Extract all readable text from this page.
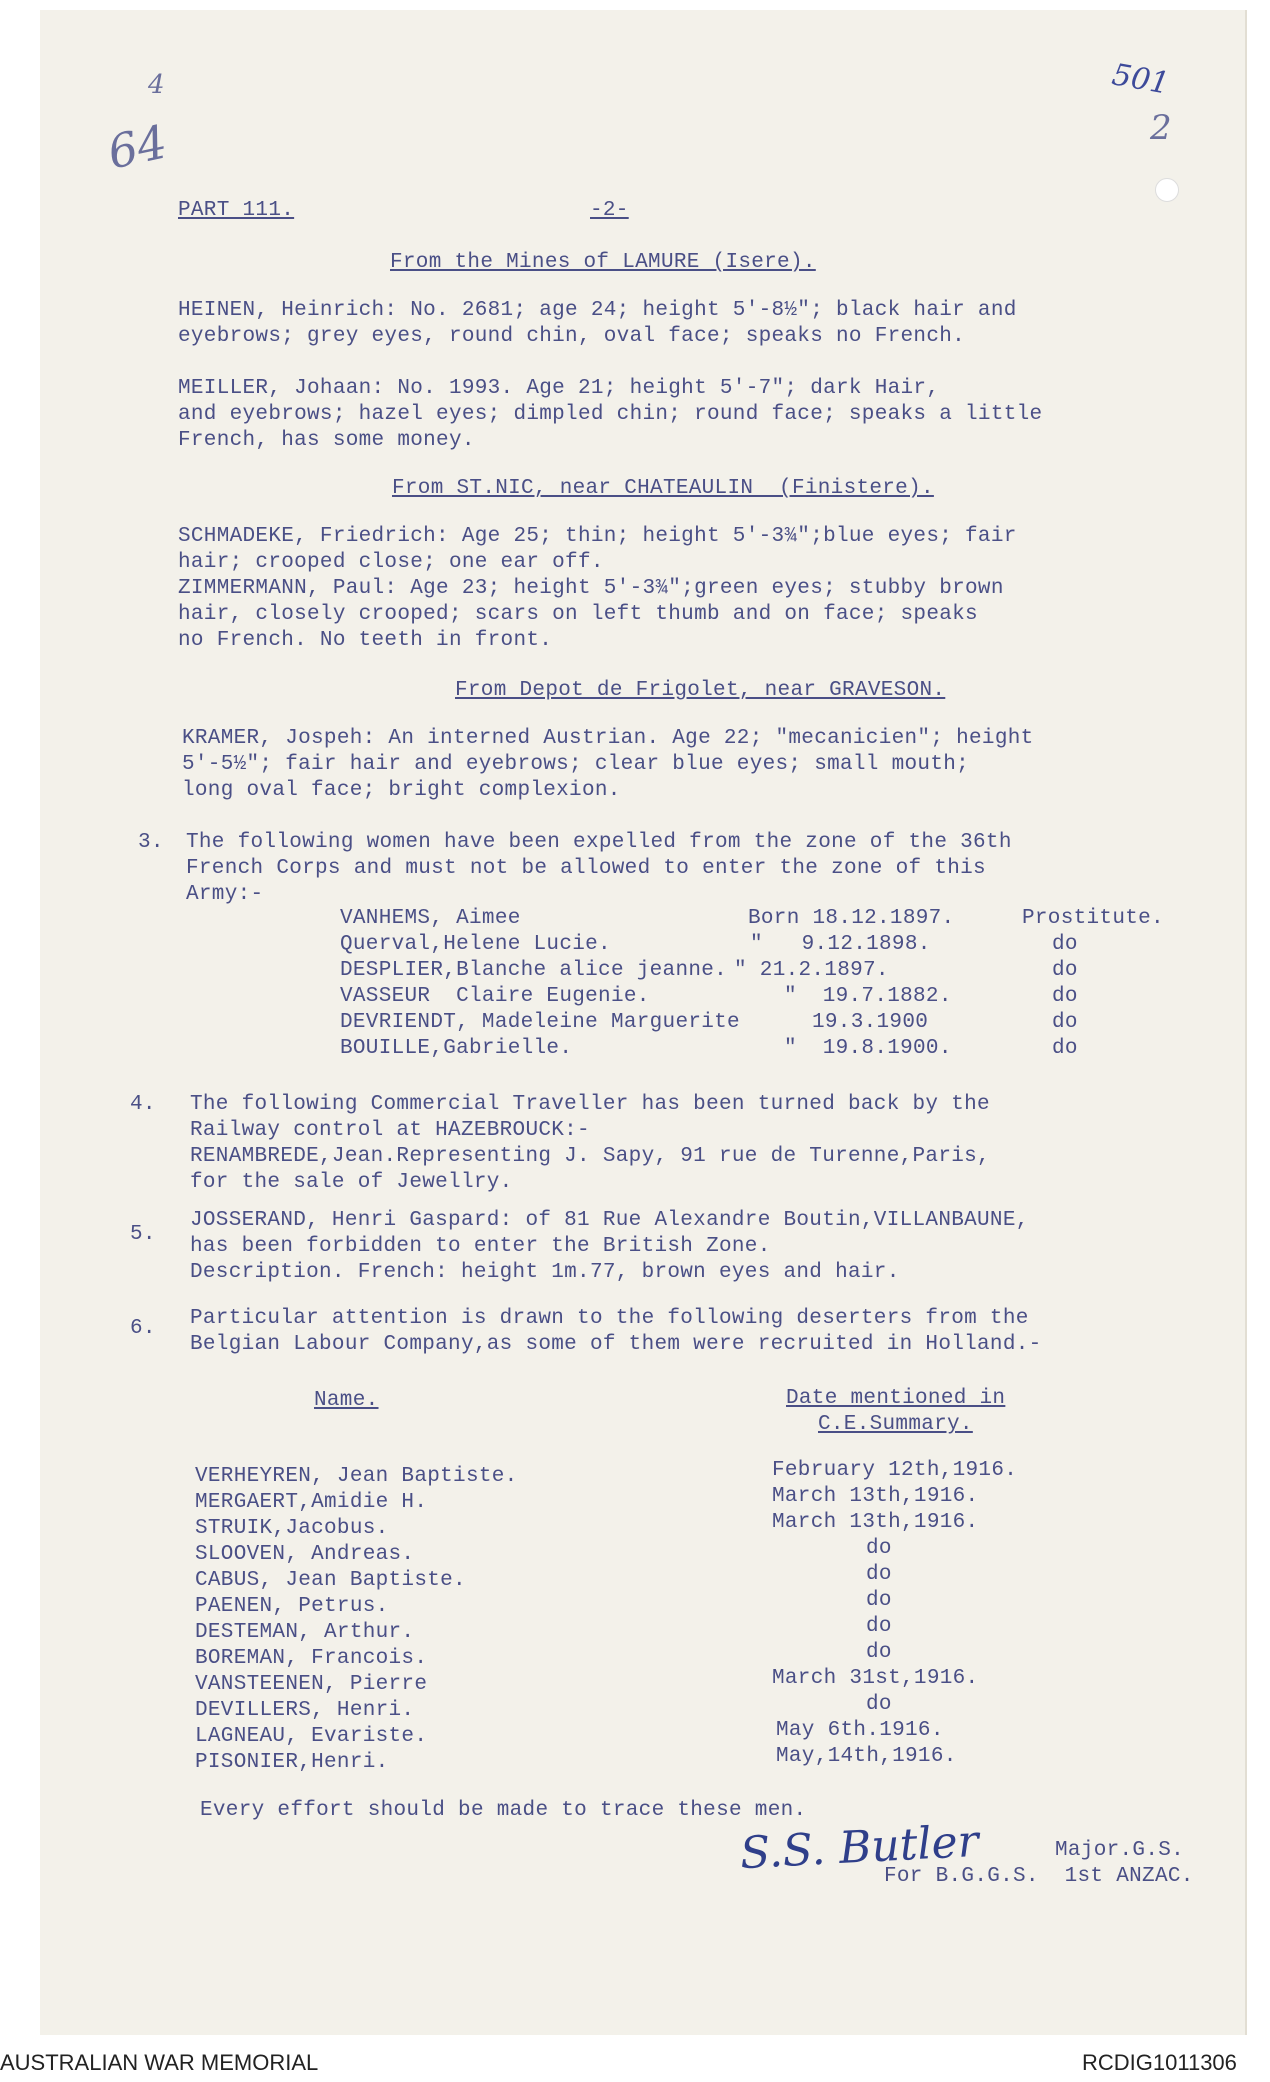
4
64
501
2
PART 111.	-2-
From the Mines of LAMURE (Isere).
HEINEN, Heinrich: No. 2681; age 24; height 5'-8½"; black hair and
eyebrows; grey eyes, round chin, oval face; speaks no French.
MEILLER, Johaan: No. 1993. Age 21; height 5'-7"; dark Hair,
and eyebrows; hazel eyes; dimpled chin; round face; speaks a little
French, has some money.
From ST.NIC, near CHATEAULIN  (Finistere).
SCHMADEKE, Friedrich: Age 25; thin; height 5'-3¾";blue eyes; fair
hair; crooped close; one ear off.
ZIMMERMANN, Paul: Age 23; height 5'-3¾";green eyes; stubby brown
hair, closely crooped; scars on left thumb and on face; speaks
no French. No teeth in front.
From Depot de Frigolet, near GRAVESON.
KRAMER, Jospeh: An interned Austrian. Age 22; "mecanicien"; height
5'-5½"; fair hair and eyebrows; clear blue eyes; small mouth;
long oval face; bright complexion.
3. The following women have been expelled from the zone of the 36th
French Corps and must not be allowed to enter the zone of this
Army:-
VANHEMS, Aimee	Born 18.12.1897.	Prostitute.
Querval,Helene Lucie.	"   9.12.1898.	do
DESPLIER,Blanche alice jeanne. " 21.2.1897.	do
VASSEUR  Claire Eugenie.	"  19.7.1882.	do
DEVRIENDT, Madeleine Marguerite	19.3.1900	do
BOUILLE,Gabrielle.	"  19.8.1900.	do
4. The following Commercial Traveller has been turned back by the
Railway control at HAZEBROUCK:-
RENAMBREDE,Jean.Representing J. Sapy, 91 rue de Turenne,Paris,
for the sale of Jewellry.
5.
JOSSERAND, Henri Gaspard: of 81 Rue Alexandre Boutin,VILLANBAUNE,
has been forbidden to enter the British Zone.
Description. French: height 1m.77, brown eyes and hair.
6. Particular attention is drawn to the following deserters from the
Belgian Labour Company,as some of them were recruited in Holland.-
Name.	Date mentioned in
C.E.Summary.
VERHEYREN, Jean Baptiste.	February 12th,1916.
MERGAERT,Amidie H.	March 13th,1916.
STRUIK,Jacobus.	March 13th,1916.
SLOOVEN, Andreas.	do
CABUS, Jean Baptiste.	do
PAENEN, Petrus.	do
DESTEMAN, Arthur.	do
BOREMAN, Francois.	do
VANSTEENEN, Pierre	March 31st,1916.
DEVILLERS, Henri.	do
LAGNEAU, Evariste.	May 6th.1916.
PISONIER,Henri.	May,14th,1916.
Every effort should be made to trace these men.
S.S. Butler	Major.G.S.
For B.G.G.S.  1st ANZAC.
AUSTRALIAN WAR MEMORIAL	RCDIG1011306
